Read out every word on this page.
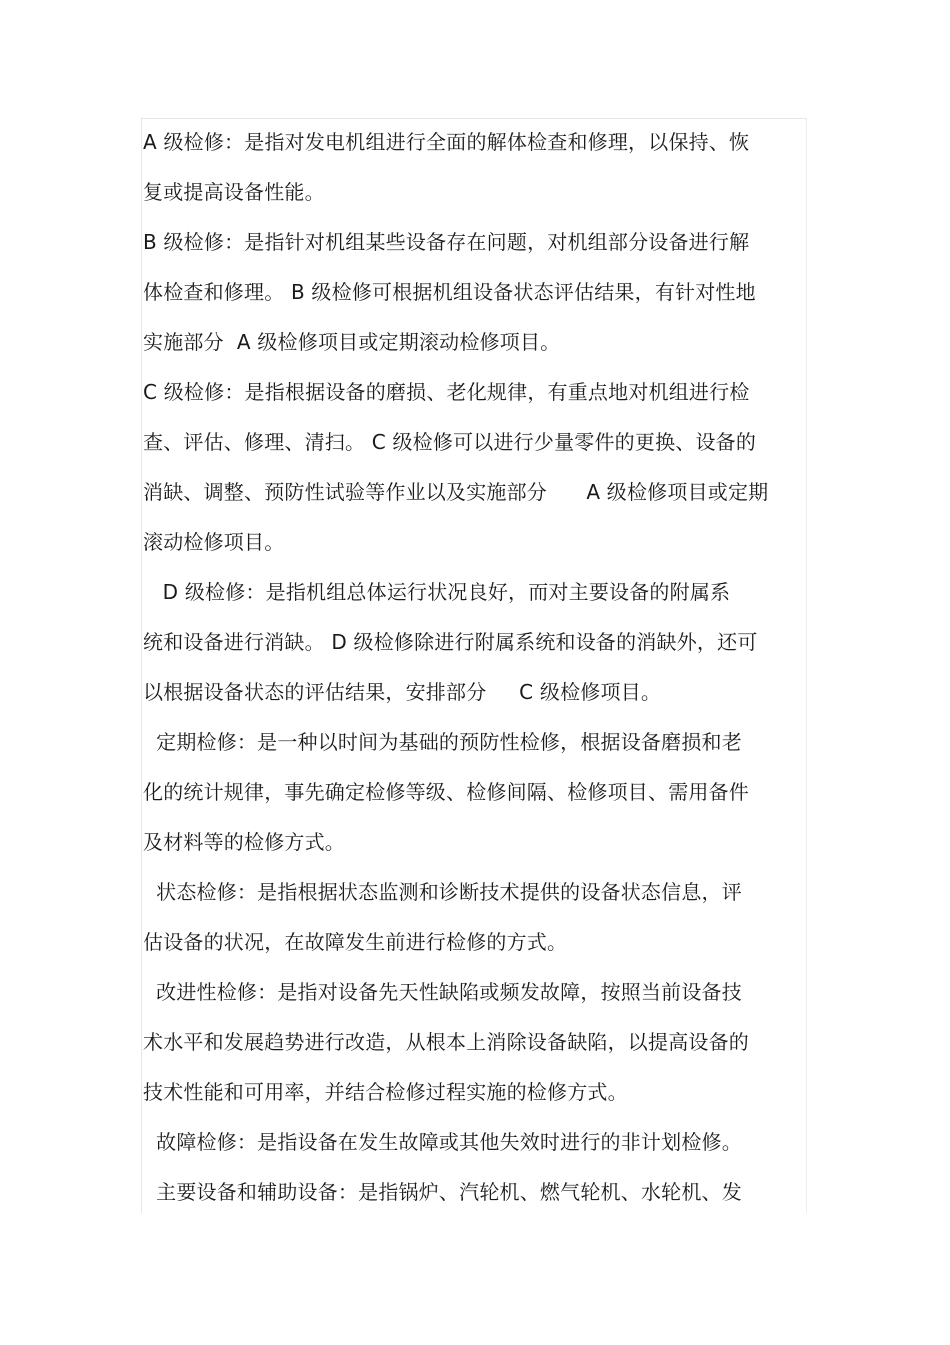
A 级检修：是指对发电机组进行全面的解体检查和修理，以保持、恢
复或提高设备性能。
B 级检修：是指针对机组某些设备存在问题，对机组部分设备进行解
体检查和修理。 B 级检修可根据机组设备状态评估结果，有针对性地
实施部分  A 级检修项目或定期滚动检修项目。
C 级检修：是指根据设备的磨损、老化规律，有重点地对机组进行检
查、评估、修理、清扫。 C 级检修可以进行少量零件的更换、设备的
消缺、调整、预防性试验等作业以及实施部分      A 级检修项目或定期
滚动检修项目。
D 级检修：是指机组总体运行状况良好，而对主要设备的附属系
统和设备进行消缺。 D 级检修除进行附属系统和设备的消缺外，还可
以根据设备状态的评估结果，安排部分     C 级检修项目。
定期检修：是一种以时间为基础的预防性检修，根据设备磨损和老
化的统计规律，事先确定检修等级、检修间隔、检修项目、需用备件
及材料等的检修方式。
状态检修：是指根据状态监测和诊断技术提供的设备状态信息，评
估设备的状况，在故障发生前进行检修的方式。
改进性检修：是指对设备先天性缺陷或频发故障，按照当前设备技
术水平和发展趋势进行改造，从根本上消除设备缺陷，以提高设备的
技术性能和可用率，并结合检修过程实施的检修方式。
故障检修：是指设备在发生故障或其他失效时进行的非计划检修。
主要设备和辅助设备：是指锅炉、汽轮机、燃气轮机、水轮机、发
